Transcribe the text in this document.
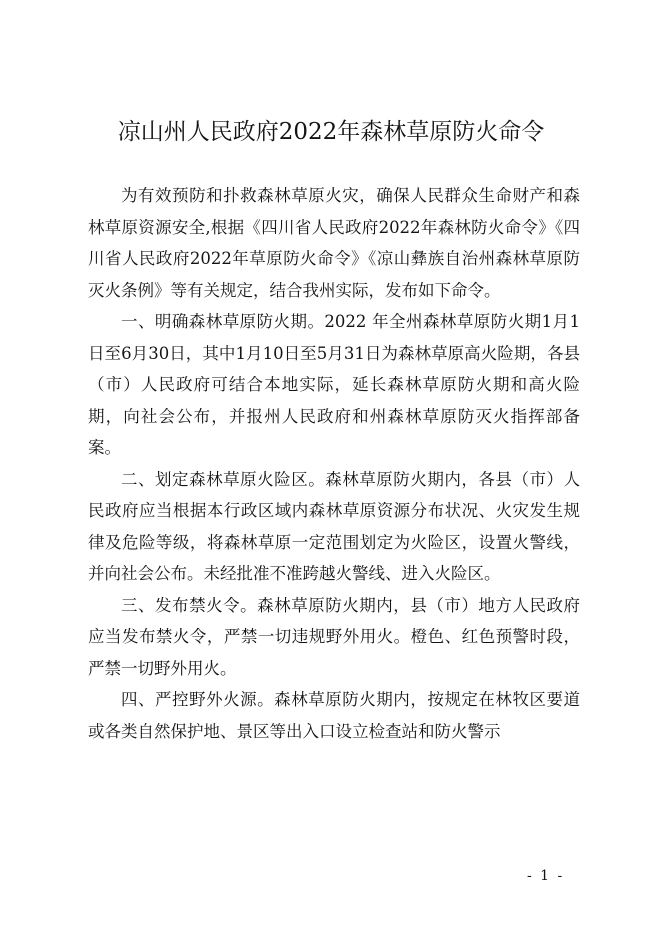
凉山州人民政府2022年森林草原防火命令

为有效预防和扑救森林草原火灾，确保人民群众生命财产和森林草原资源安全,根据《四川省人民政府2022年森林防火命令》《四川省人民政府2022年草原防火命令》《凉山彝族自治州森林草原防灭火条例》等有关规定，结合我州实际，发布如下命令。

一、明确森林草原防火期。2022 年全州森林草原防火期1月1日至6月30日，其中1月10日至5月31日为森林草原高火险期，各县（市）人民政府可结合本地实际，延长森林草原防火期和高火险期，向社会公布，并报州人民政府和州森林草原防灭火指挥部备案。

二、划定森林草原火险区。森林草原防火期内，各县（市）人民政府应当根据本行政区域内森林草原资源分布状况、火灾发生规律及危险等级，将森林草原一定范围划定为火险区，设置火警线，并向社会公布。未经批准不准跨越火警线、进入火险区。

三、发布禁火令。森林草原防火期内，县（市）地方人民政府应当发布禁火令，严禁一切违规野外用火。橙色、红色预警时段，严禁一切野外用火。

四、严控野外火源。森林草原防火期内，按规定在林牧区要道或各类自然保护地、景区等出入口设立检查站和防火警示

- 1 -
